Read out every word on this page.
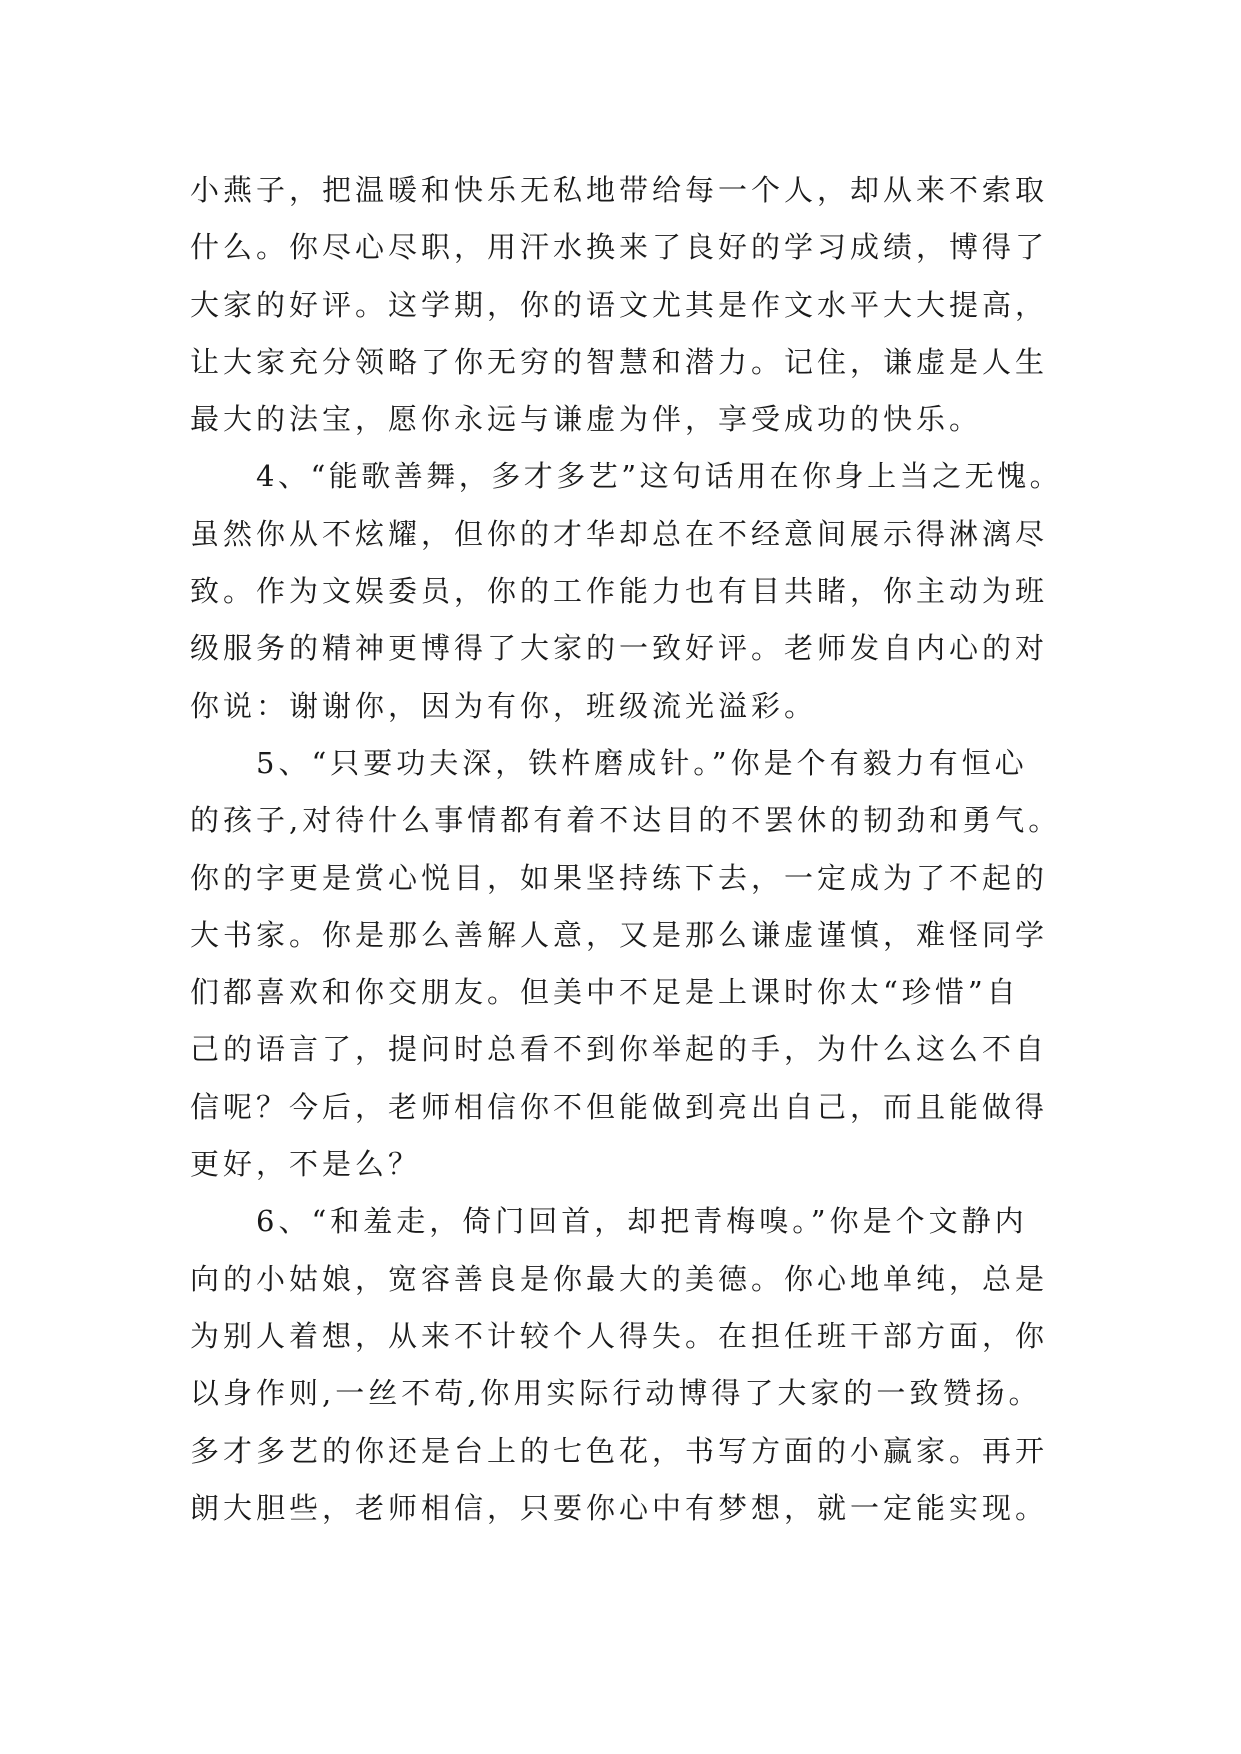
小燕子，把温暖和快乐无私地带给每一个人，却从来不索取
什么。你尽心尽职，用汗水换来了良好的学习成绩，博得了
大家的好评。这学期，你的语文尤其是作文水平大大提高，
让大家充分领略了你无穷的智慧和潜力。记住，谦虚是人生
最大的法宝，愿你永远与谦虚为伴，享受成功的快乐。
4、“能歌善舞，多才多艺”这句话用在你身上当之无愧。
虽然你从不炫耀，但你的才华却总在不经意间展示得淋漓尽
致。作为文娱委员，你的工作能力也有目共睹，你主动为班
级服务的精神更博得了大家的一致好评。老师发自内心的对
你说：谢谢你，因为有你，班级流光溢彩。
5、“只要功夫深，铁杵磨成针。”你是个有毅力有恒心
的孩子,对待什么事情都有着不达目的不罢休的韧劲和勇气。
你的字更是赏心悦目，如果坚持练下去，一定成为了不起的
大书家。你是那么善解人意，又是那么谦虚谨慎，难怪同学
们都喜欢和你交朋友。但美中不足是上课时你太“珍惜”自
己的语言了，提问时总看不到你举起的手，为什么这么不自
信呢？今后，老师相信你不但能做到亮出自己，而且能做得
更好，不是么？
6、“和羞走，倚门回首，却把青梅嗅。”你是个文静内
向的小姑娘，宽容善良是你最大的美德。你心地单纯，总是
为别人着想，从来不计较个人得失。在担任班干部方面，你
以身作则,一丝不苟,你用实际行动博得了大家的一致赞扬。
多才多艺的你还是台上的七色花，书写方面的小赢家。再开
朗大胆些，老师相信，只要你心中有梦想，就一定能实现。
